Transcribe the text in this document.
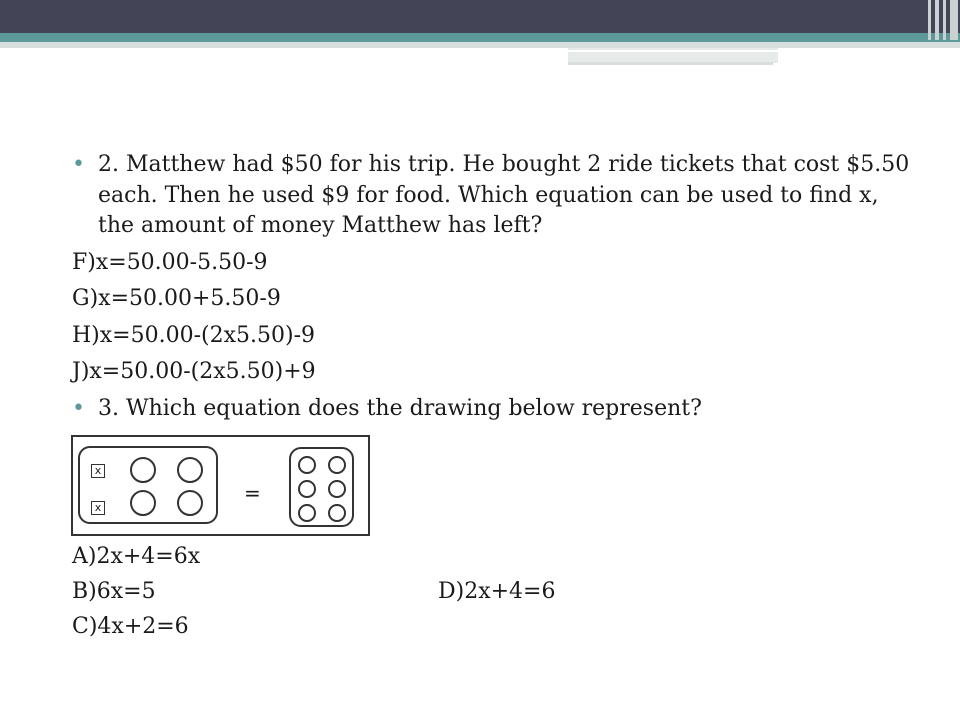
• 2. Matthew had $50 for his trip. He bought 2 ride tickets that cost $5.50 each. Then he used $9 for food. Which equation can be used to find x, the amount of money Matthew has left?
F)x=50.00-5.50-9
G)x=50.00+5.50-9
H)x=50.00-(2x5.50)-9
J)x=50.00-(2x5.50)+9
• 3. Which equation does the drawing below represent?
x
x
=
A)2x+4=6x
B)6x=5	D)2x+4=6
C)4x+2=6
